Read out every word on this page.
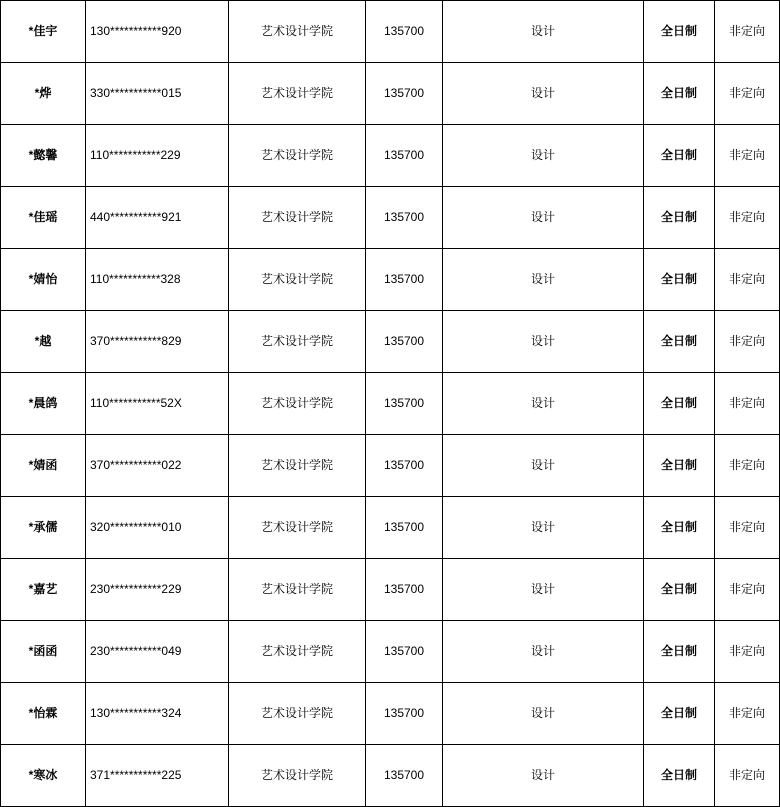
*佳宇	130***********920	艺术设计学院	135700	设计	全日制	非定向
*烨	330***********015	艺术设计学院	135700	设计	全日制	非定向
*懿馨	110***********229	艺术设计学院	135700	设计	全日制	非定向
*佳瑶	440***********921	艺术设计学院	135700	设计	全日制	非定向
*婧怡	110***********328	艺术设计学院	135700	设计	全日制	非定向
*越	370***********829	艺术设计学院	135700	设计	全日制	非定向
*晨鸽	110***********52X	艺术设计学院	135700	设计	全日制	非定向
*婧函	370***********022	艺术设计学院	135700	设计	全日制	非定向
*承儒	320***********010	艺术设计学院	135700	设计	全日制	非定向
*嘉艺	230***********229	艺术设计学院	135700	设计	全日制	非定向
*函函	230***********049	艺术设计学院	135700	设计	全日制	非定向
*怡霖	130***********324	艺术设计学院	135700	设计	全日制	非定向
*寒冰	371***********225	艺术设计学院	135700	设计	全日制	非定向
